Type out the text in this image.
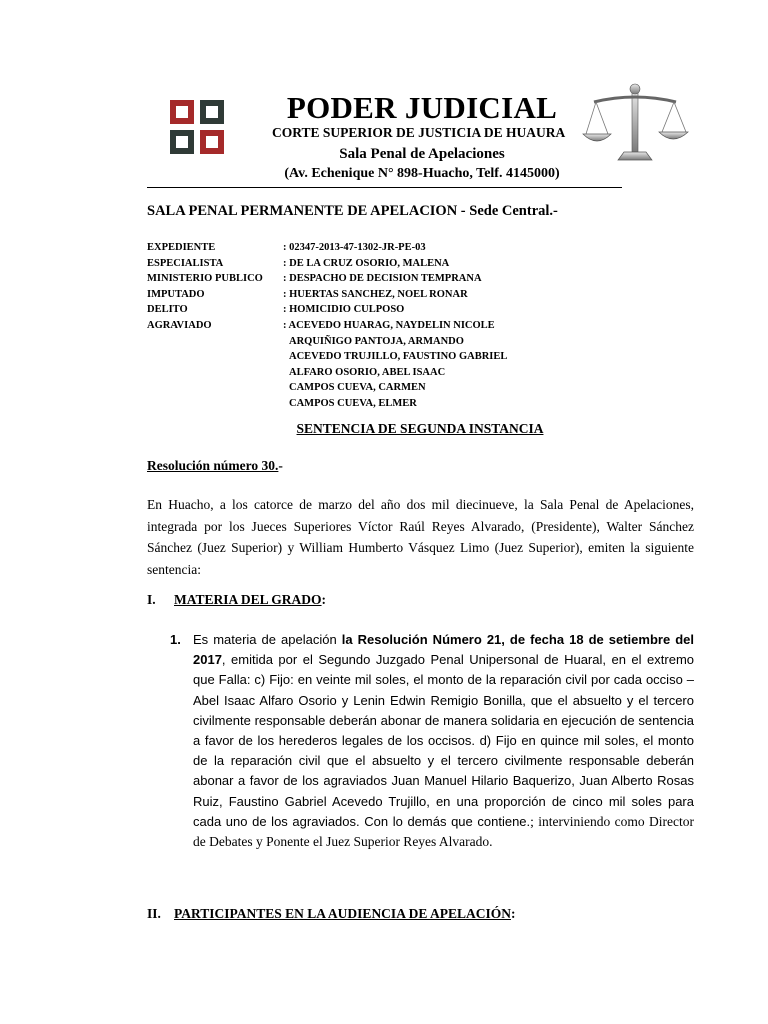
PODER JUDICIAL
CORTE SUPERIOR DE JUSTICIA DE HUAURA
Sala Penal de Apelaciones
(Av. Echenique N° 898-Huacho, Telf. 4145000)
SALA PENAL PERMANENTE DE APELACION - Sede Central.-
EXPEDIENTE	: 02347-2013-47-1302-JR-PE-03
ESPECIALISTA	: DE LA CRUZ OSORIO, MALENA
MINISTERIO PUBLICO	: DESPACHO DE DECISION TEMPRANA
IMPUTADO	: HUERTAS SANCHEZ, NOEL RONAR
DELITO	: HOMICIDIO CULPOSO
AGRAVIADO	: ACEVEDO HUARAG, NAYDELIN NICOLE
ARQUIÑIGO PANTOJA, ARMANDO
ACEVEDO TRUJILLO, FAUSTINO GABRIEL
ALFARO OSORIO, ABEL ISAAC
CAMPOS CUEVA, CARMEN
CAMPOS CUEVA, ELMER
SENTENCIA DE SEGUNDA INSTANCIA
Resolución número 30.-
En Huacho, a los catorce de marzo del año dos mil diecinueve, la Sala Penal de Apelaciones, integrada por los Jueces Superiores Víctor Raúl Reyes Alvarado, (Presidente), Walter Sánchez Sánchez (Juez Superior) y William Humberto Vásquez Limo (Juez Superior), emiten la siguiente sentencia:
I. MATERIA DEL GRADO:
1. Es materia de apelación la Resolución Número 21, de fecha 18 de setiembre del 2017, emitida por el Segundo Juzgado Penal Unipersonal de Huaral, en el extremo que Falla: c) Fijo: en veinte mil soles, el monto de la reparación civil por cada occiso – Abel Isaac Alfaro Osorio y Lenin Edwin Remigio Bonilla, que el absuelto y el tercero civilmente responsable deberán abonar de manera solidaria en ejecución de sentencia a favor de los herederos legales de los occisos. d) Fijo en quince mil soles, el monto de la reparación civil que el absuelto y el tercero civilmente responsable deberán abonar a favor de los agraviados Juan Manuel Hilario Baquerizo, Juan Alberto Rosas Ruiz, Faustino Gabriel Acevedo Trujillo, en una proporción de cinco mil soles para cada uno de los agraviados. Con lo demás que contiene.; interviniendo como Director de Debates y Ponente el Juez Superior Reyes Alvarado.
II. PARTICIPANTES EN LA AUDIENCIA DE APELACIÓN:
